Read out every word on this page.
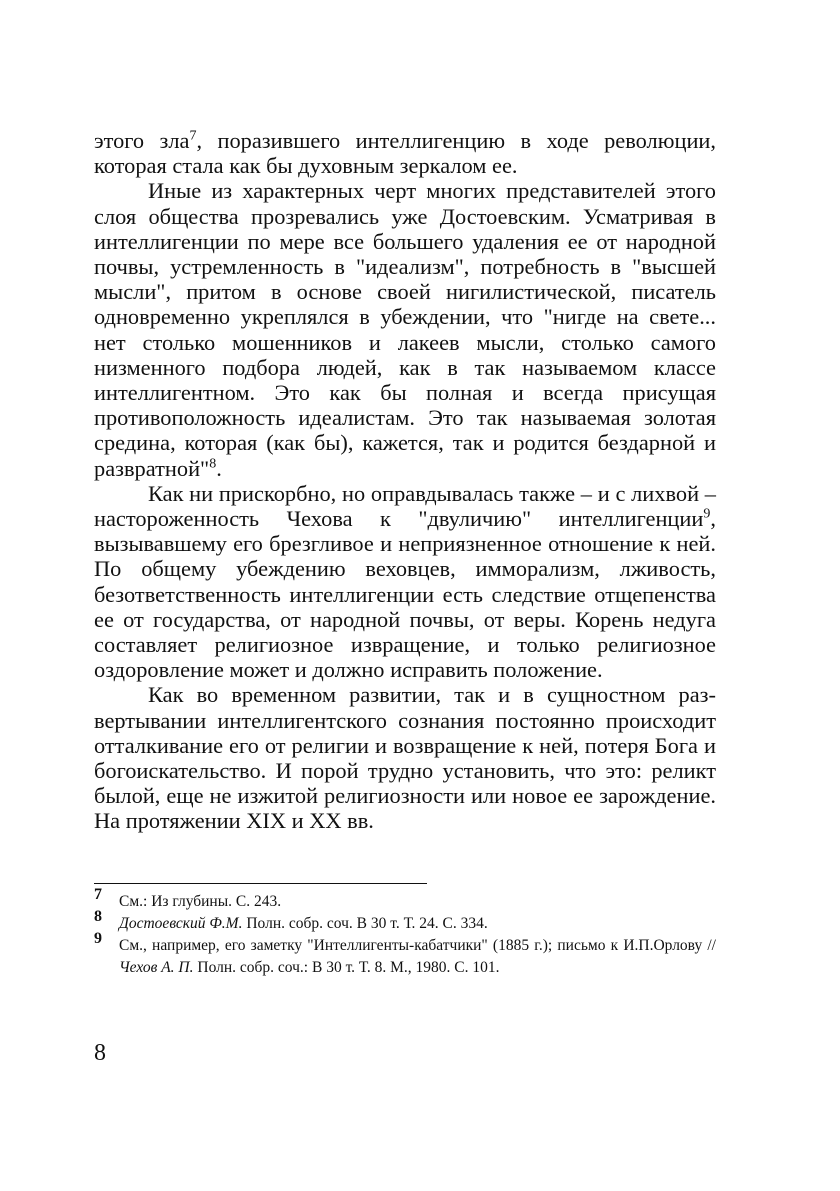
этого зла$^7$, поразившего интеллигенцию в ходе революции, которая стала как бы духовным зеркалом ее.

Иные из характерных черт многих представителей этого слоя общества прозревались уже Достоевским. Усматривая в интеллигенции по мере все большего удаления ее от народной почвы, устремленность в "идеализм", потребность в "высшей мысли", притом в основе своей нигилистической, писатель одновременно укреплялся в убеждении, что "нигде на свете... нет столько мошенников и лакеев мысли, столько самого низменного подбора людей, как в так называемом классе интеллигентном. Это как бы полная и всегда присущая противоположность идеалистам. Это так называемая золотая средина, которая (как бы), кажется, так и родится бездарной и развратной"$^8$.

Как ни прискорбно, но оправдывалась также – и с лихвой – настороженность Чехова к "двуличию" интеллигенции$^9$, вызывавшему его брезгливое и неприязненное отношение к ней. По общему убеждению веховцев, имморализм, лживость, безответственность интеллигенции есть следствие отщепенства ее от государства, от народной почвы, от веры. Корень недуга составляет религиозное извращение, и только религиозное оздоровление может и должно исправить положение.

Как во временном развитии, так и в сущностном развертывании интеллигентского сознания постоянно происходит отталкивание его от религии и возвращение к ней, потеря Бога и богоискательство. И порой трудно установить, что это: реликт былой, еще не изжитой религиозности или новое ее зарождение. На протяжении XIX и XX вв.

7 См.: Из глубины. С. 243.
8 Достоевский Ф.М. Полн. собр. соч. В 30 т. Т. 24. С. 334.
9 См., например, его заметку "Интеллигенты-кабатчики" (1885 г.); письмо к И.П.Орлову // Чехов А. П. Полн. собр. соч.: В 30 т. Т. 8. М., 1980. С. 101.
8
